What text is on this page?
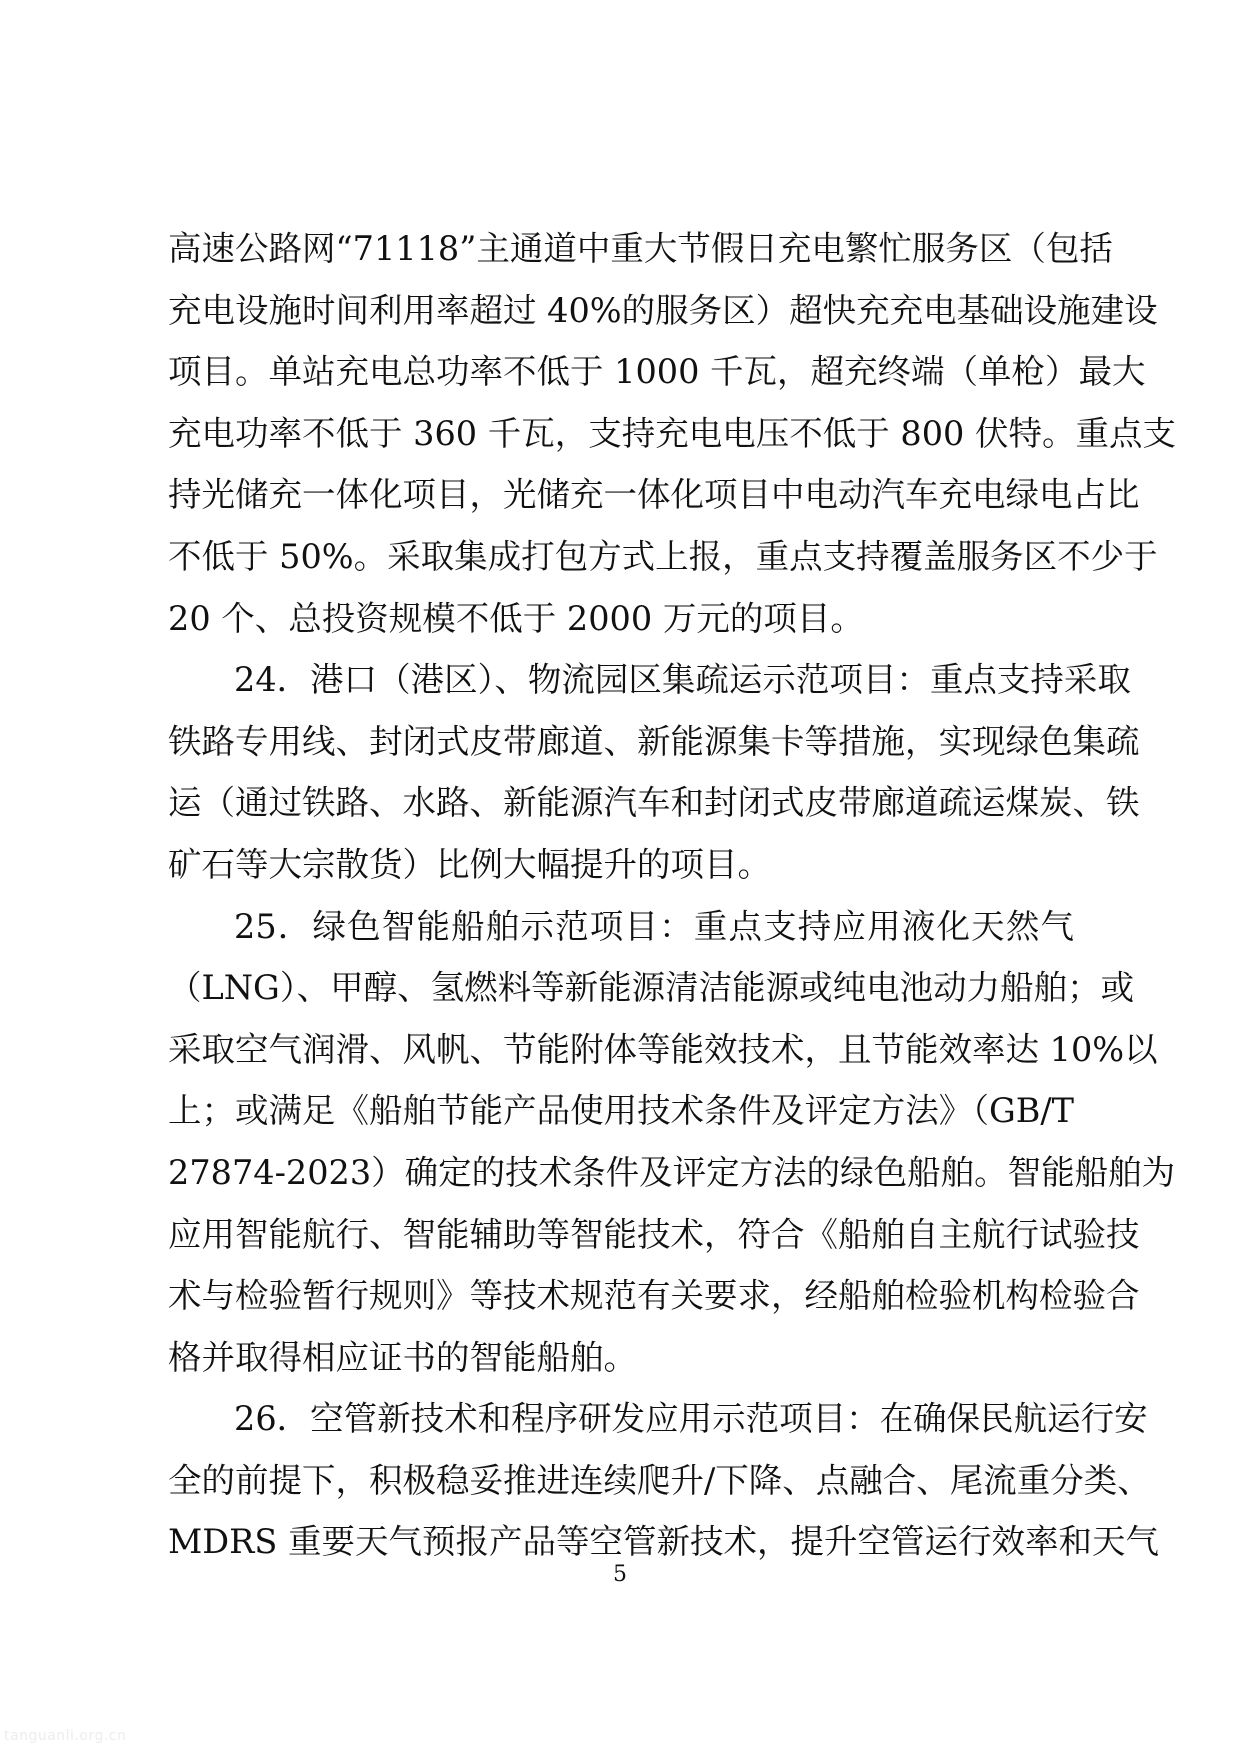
高速公路网“71118”主通道中重大节假日充电繁忙服务区（包括
充电设施时间利用率超过 40%的服务区）超快充充电基础设施建设
项目。单站充电总功率不低于 1000 千瓦，超充终端（单枪）最大
充电功率不低于 360 千瓦，支持充电电压不低于 800 伏特。重点支
持光储充一体化项目，光储充一体化项目中电动汽车充电绿电占比
不低于 50%。采取集成打包方式上报，重点支持覆盖服务区不少于
20 个、总投资规模不低于 2000 万元的项目。
24．港口（港区）、物流园区集疏运示范项目：重点支持采取
铁路专用线、封闭式皮带廊道、新能源集卡等措施，实现绿色集疏
运（通过铁路、水路、新能源汽车和封闭式皮带廊道疏运煤炭、铁
矿石等大宗散货）比例大幅提升的项目。
25．绿色智能船舶示范项目：重点支持应用液化天然气
（LNG）、甲醇、氢燃料等新能源清洁能源或纯电池动力船舶；或
采取空气润滑、风帆、节能附体等能效技术，且节能效率达 10%以
上；或满足《船舶节能产品使用技术条件及评定方法》（GB/T
27874-2023）确定的技术条件及评定方法的绿色船舶。智能船舶为
应用智能航行、智能辅助等智能技术，符合《船舶自主航行试验技
术与检验暂行规则》等技术规范有关要求，经船舶检验机构检验合
格并取得相应证书的智能船舶。
26．空管新技术和程序研发应用示范项目：在确保民航运行安
全的前提下，积极稳妥推进连续爬升/下降、点融合、尾流重分类、
MDRS 重要天气预报产品等空管新技术，提升空管运行效率和天气
5
tanguanli.org.cn
